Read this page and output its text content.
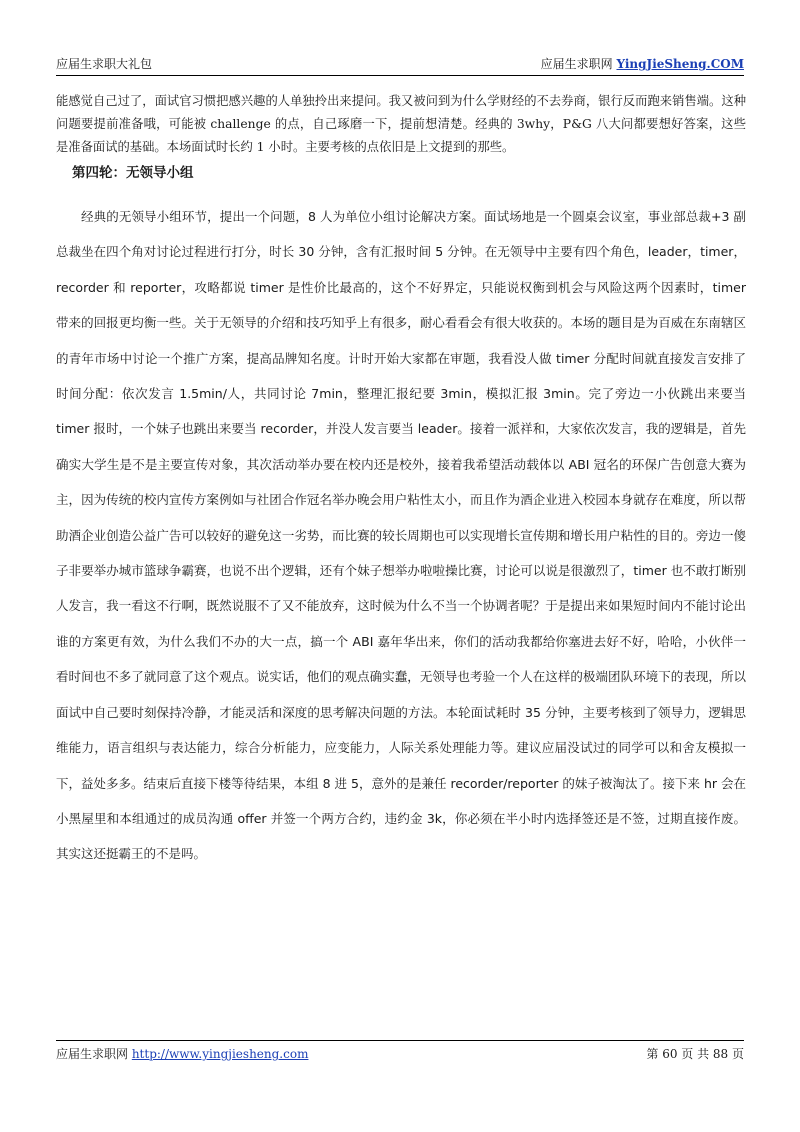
应届生求职大礼包	应届生求职网 YingJieSheng.COM
能感觉自己过了，面试官习惯把感兴趣的人单独拎出来提问。我又被问到为什么学财经的不去券商，银行反而跑来销售端。这种问题要提前准备哦，可能被 challenge 的点，自己琢磨一下，提前想清楚。经典的 3why，P&G 八大问都要想好答案，这些是准备面试的基础。本场面试时长约 1 小时。主要考核的点依旧是上文提到的那些。
第四轮：无领导小组

经典的无领导小组环节，提出一个问题，8 人为单位小组讨论解决方案。面试场地是一个圆桌会议室，事业部总裁+3 副总裁坐在四个角对讨论过程进行打分，时长 30 分钟，含有汇报时间 5 分钟。在无领导中主要有四个角色，leader，timer，recorder 和 reporter，攻略都说 timer 是性价比最高的，这个不好界定，只能说权衡到机会与风险这两个因素时，timer 带来的回报更均衡一些。关于无领导的介绍和技巧知乎上有很多，耐心看看会有很大收获的。本场的题目是为百威在东南辖区的青年市场中讨论一个推广方案，提高品牌知名度。计时开始大家都在审题，我看没人做 timer 分配时间就直接发言安排了时间分配：依次发言 1.5min/人，共同讨论 7min，整理汇报纪要 3min，模拟汇报 3min。完了旁边一小伙跳出来要当 timer 报时，一个妹子也跳出来要当 recorder，并没人发言要当 leader。接着一派祥和，大家依次发言，我的逻辑是，首先确实大学生是不是主要宣传对象，其次活动举办要在校内还是校外，接着我希望活动载体以 ABI 冠名的环保广告创意大赛为主，因为传统的校内宣传方案例如与社团合作冠名举办晚会用户粘性太小，而且作为酒企业进入校园本身就存在难度，所以帮助酒企业创造公益广告可以较好的避免这一劣势，而比赛的较长周期也可以实现增长宣传期和增长用户粘性的目的。旁边一傻子非要举办城市篮球争霸赛，也说不出个逻辑，还有个妹子想举办啦啦操比赛，讨论可以说是很激烈了，timer 也不敢打断别人发言，我一看这不行啊，既然说服不了又不能放弃，这时候为什么不当一个协调者呢？于是提出来如果短时间内不能讨论出谁的方案更有效，为什么我们不办的大一点，搞一个 ABI 嘉年华出来，你们的活动我都给你塞进去好不好，哈哈，小伙伴一看时间也不多了就同意了这个观点。说实话，他们的观点确实蠢，无领导也考验一个人在这样的极端团队环境下的表现，所以面试中自己要时刻保持冷静，才能灵活和深度的思考解决问题的方法。本轮面试耗时 35 分钟，主要考核到了领导力，逻辑思维能力，语言组织与表达能力，综合分析能力，应变能力，人际关系处理能力等。建议应届没试过的同学可以和舍友模拟一下，益处多多。结束后直接下楼等待结果，本组 8 进 5，意外的是兼任 recorder/reporter 的妹子被淘汰了。接下来 hr 会在小黑屋里和本组通过的成员沟通 offer 并签一个两方合约，违约金 3k，你必须在半小时内选择签还是不签，过期直接作废。其实这还挺霸王的不是吗。

应届生求职网 http://www.yingjiesheng.com	第 60 页 共 88 页
